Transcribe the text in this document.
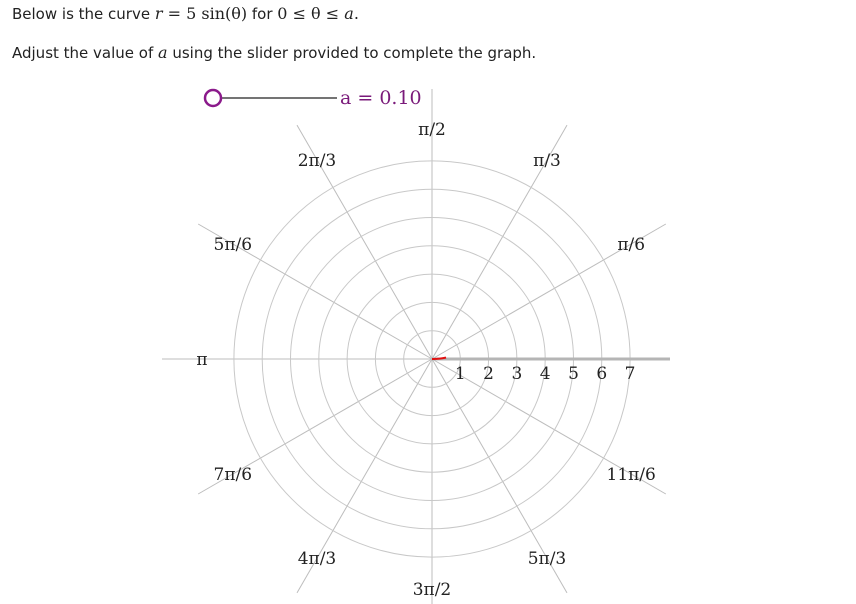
Below is the curve r = 5 sin(θ) for 0 ≤ θ ≤ a.
Adjust the value of a using the slider provided to complete the graph.
π/6
π/3
π/2
2π/3
5π/6
π
7π/6
4π/3
3π/2
5π/3
11π/6
1 2 3 4 5 6 7
a = 0.10
